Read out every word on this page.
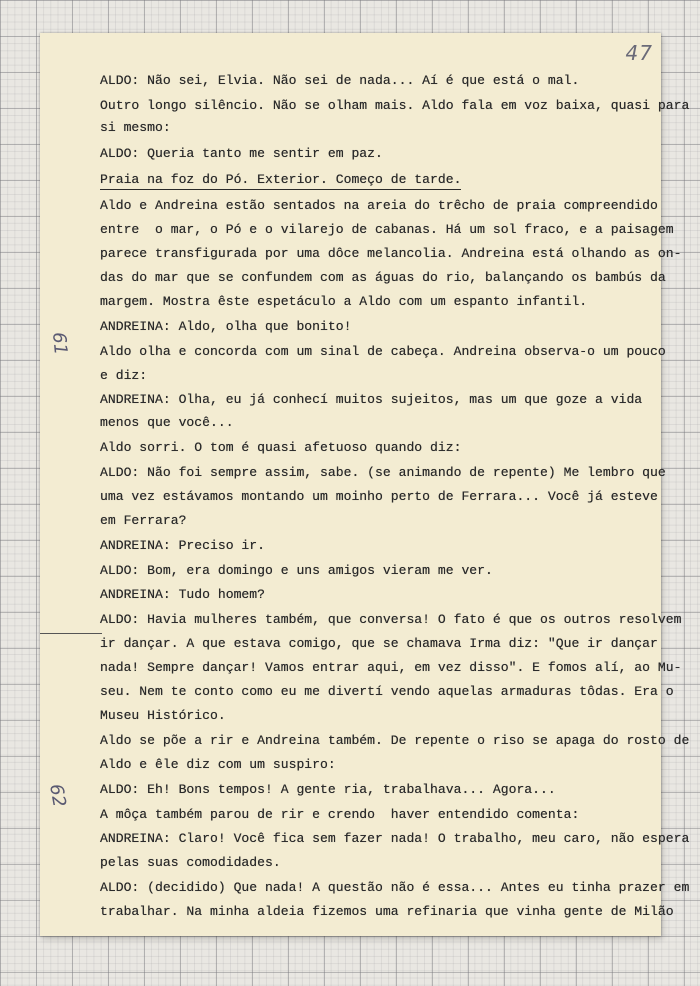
47
61
62
ALDO: Não sei, Elvia. Não sei de nada... Aí é que está o mal.
Outro longo silêncio. Não se olham mais. Aldo fala em voz baixa, quasi para
si mesmo:
ALDO: Queria tanto me sentir em paz.
Praia na foz do Pó. Exterior. Começo de tarde.
Aldo e Andreina estão sentados na areia do trêcho de praia compreendido
entre  o mar, o Pó e o vilarejo de cabanas. Há um sol fraco, e a paisagem
parece transfigurada por uma dôce melancolia. Andreina está olhando as on-
das do mar que se confundem com as águas do rio, balançando os bambús da
margem. Mostra êste espetáculo a Aldo com um espanto infantil.
ANDREINA: Aldo, olha que bonito!
Aldo olha e concorda com um sinal de cabeça. Andreina observa-o um pouco
e diz:
ANDREINA: Olha, eu já conhecí muitos sujeitos, mas um que goze a vida
menos que você...
Aldo sorri. O tom é quasi afetuoso quando diz:
ALDO: Não foi sempre assim, sabe. (se animando de repente) Me lembro que
uma vez estávamos montando um moinho perto de Ferrara... Você já esteve
em Ferrara?
ANDREINA: Preciso ir.
ALDO: Bom, era domingo e uns amigos vieram me ver.
ANDREINA: Tudo homem?
ALDO: Havia mulheres também, que conversa! O fato é que os outros resolvem
ir dançar. A que estava comigo, que se chamava Irma diz: "Que ir dançar
nada! Sempre dançar! Vamos entrar aqui, em vez disso". E fomos alí, ao Mu-
seu. Nem te conto como eu me divertí vendo aquelas armaduras tôdas. Era o
Museu Histórico.
Aldo se põe a rir e Andreina também. De repente o riso se apaga do rosto de
Aldo e êle diz com um suspiro:
ALDO: Eh! Bons tempos! A gente ria, trabalhava... Agora...
A môça também parou de rir e crendo  haver entendido comenta:
ANDREINA: Claro! Você fica sem fazer nada! O trabalho, meu caro, não espera
pelas suas comodidades.
ALDO: (decidido) Que nada! A questão não é essa... Antes eu tinha prazer em
trabalhar. Na minha aldeia fizemos uma refinaria que vinha gente de Milão
